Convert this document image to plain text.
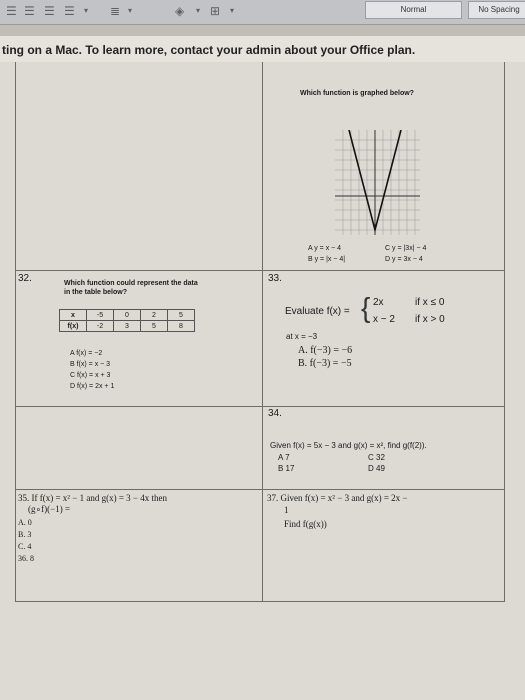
☰ ☰ ☰ ☰ ▾ ≣ ▾	◈ ▾ ⊞ ▾	Normal	No Spacing
ting on a Mac. To learn more, contact your admin about your Office plan.
Which function is graphed below?
A y = x − 4
B y = |x − 4|
C y = |3x| − 4
D y = 3x − 4
32.	Which function could represent the data
in the table below?
x	-5	0	2	5
f(x)	-2	3	5	8
A f(x) = −2
B f(x) = x − 3
C f(x) = x + 3
D f(x) = 2x + 1
33.
Evaluate f(x) = { 2x	if x ≤ 0
x − 2 if x > 0
at x = −3
A. f(−3) = −6
B. f(−3) = −5
34.
Given f(x) = 5x − 3 and g(x) = x², find g(f(2)).
A 7
B 17
C 32
D 49
35. If f(x) = x² − 1 and g(x) = 3 − 4x then
(g∘f)(−1) =
A. 0
B. 3
C. 4
36. 8
37. Given f(x) = x² − 3 and g(x) = 2x −
1
Find f(g(x))
